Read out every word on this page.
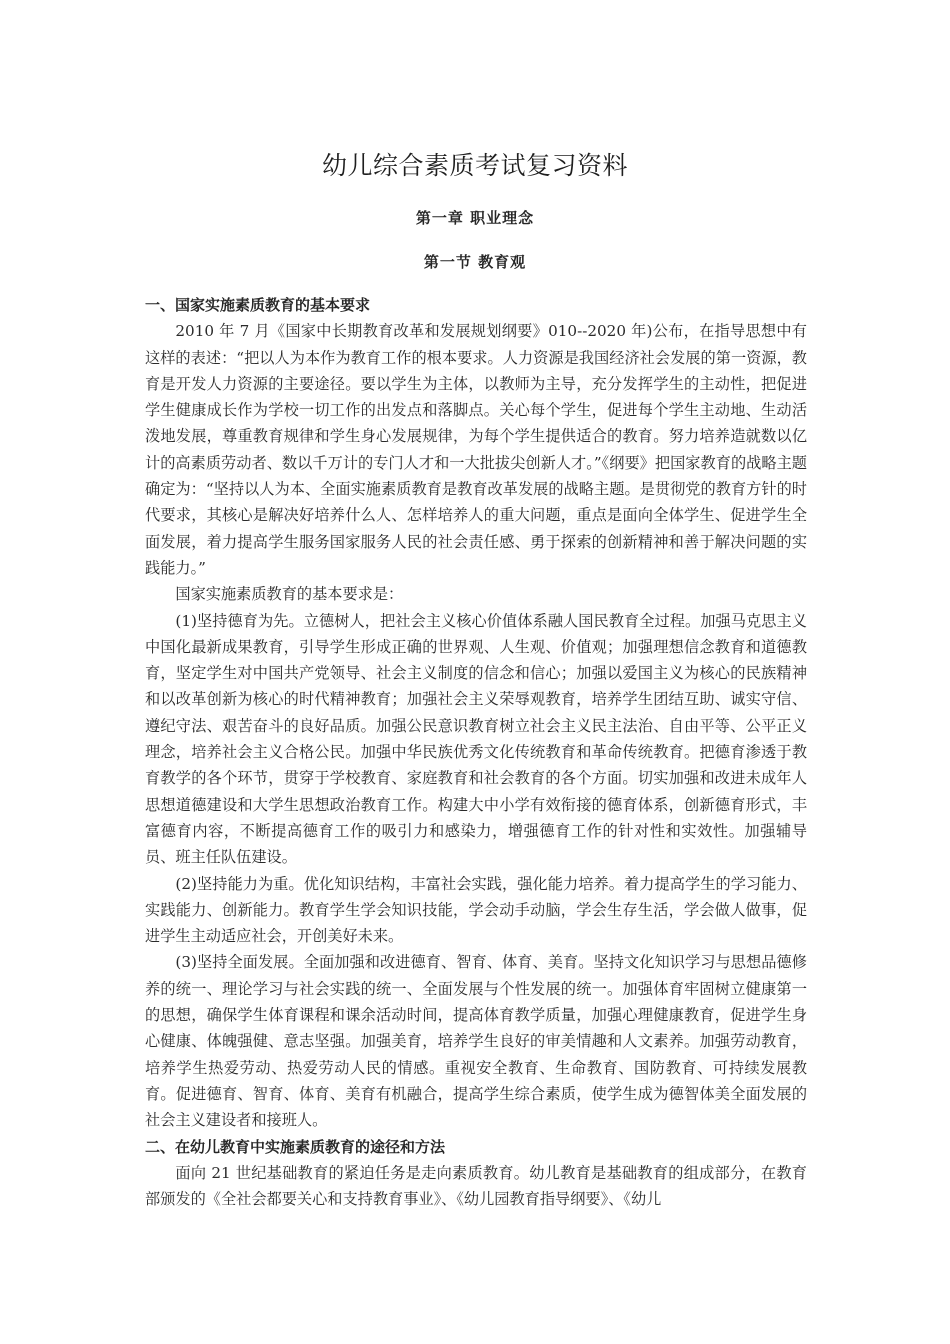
幼儿综合素质考试复习资料
第一章 职业理念
第一节 教育观

一、国家实施素质教育的基本要求

2010 年 7 月《国家中长期教育改革和发展规划纲要》010--2020 年)公布，在指导思想中有这样的表述：“把以人为本作为教育工作的根本要求。人力资源是我国经济社会发展的第一资源，教育是开发人力资源的主要途径。要以学生为主体，以教师为主导，充分发挥学生的主动性，把促进学生健康成长作为学校一切工作的出发点和落脚点。关心每个学生，促进每个学生主动地、生动活泼地发展，尊重教育规律和学生身心发展规律，为每个学生提供适合的教育。努力培养造就数以亿计的高素质劳动者、数以千万计的专门人才和一大批拔尖创新人才。”《纲要》把国家教育的战略主题确定为：“坚持以人为本、全面实施素质教育是教育改革发展的战略主题。是贯彻党的教育方针的时代要求，其核心是解决好培养什么人、怎样培养人的重大问题，重点是面向全体学生、促进学生全面发展，着力提高学生服务国家服务人民的社会责任感、勇于探索的创新精神和善于解决问题的实践能力。”

国家实施素质教育的基本要求是：

(1)坚持德育为先。立德树人，把社会主义核心价值体系融人国民教育全过程。加强马克思主义中国化最新成果教育，引导学生形成正确的世界观、人生观、价值观；加强理想信念教育和道德教育，坚定学生对中国共产党领导、社会主义制度的信念和信心；加强以爱国主义为核心的民族精神和以改革创新为核心的时代精神教育；加强社会主义荣辱观教育，培养学生团结互助、诚实守信、遵纪守法、艰苦奋斗的良好品质。加强公民意识教育树立社会主义民主法治、自由平等、公平正义理念，培养社会主义合格公民。加强中华民族优秀文化传统教育和革命传统教育。把德育渗透于教育教学的各个环节，贯穿于学校教育、家庭教育和社会教育的各个方面。切实加强和改进未成年人思想道德建设和大学生思想政治教育工作。构建大中小学有效衔接的德育体系，创新德育形式，丰富德育内容，不断提高德育工作的吸引力和感染力，增强德育工作的针对性和实效性。加强辅导员、班主任队伍建设。

(2)坚持能力为重。优化知识结构，丰富社会实践，强化能力培养。着力提高学生的学习能力、实践能力、创新能力。教育学生学会知识技能，学会动手动脑，学会生存生活，学会做人做事，促进学生主动适应社会，开创美好未来。

(3)坚持全面发展。全面加强和改进德育、智育、体育、美育。坚持文化知识学习与思想品德修养的统一、理论学习与社会实践的统一、全面发展与个性发展的统一。加强体育牢固树立健康第一的思想，确保学生体育课程和课余活动时间，提高体育教学质量，加强心理健康教育，促进学生身心健康、体魄强健、意志坚强。加强美育，培养学生良好的审美情趣和人文素养。加强劳动教育，培养学生热爱劳动、热爱劳动人民的情感。重视安全教育、生命教育、国防教育、可持续发展教育。促进德育、智育、体育、美育有机融合，提高学生综合素质，使学生成为德智体美全面发展的社会主义建设者和接班人。

二、在幼儿教育中实施素质教育的途径和方法

面向 21 世纪基础教育的紧迫任务是走向素质教育。幼儿教育是基础教育的组成部分，在教育部颁发的《全社会都要关心和支持教育事业》、《幼儿园教育指导纲要》、《幼儿
